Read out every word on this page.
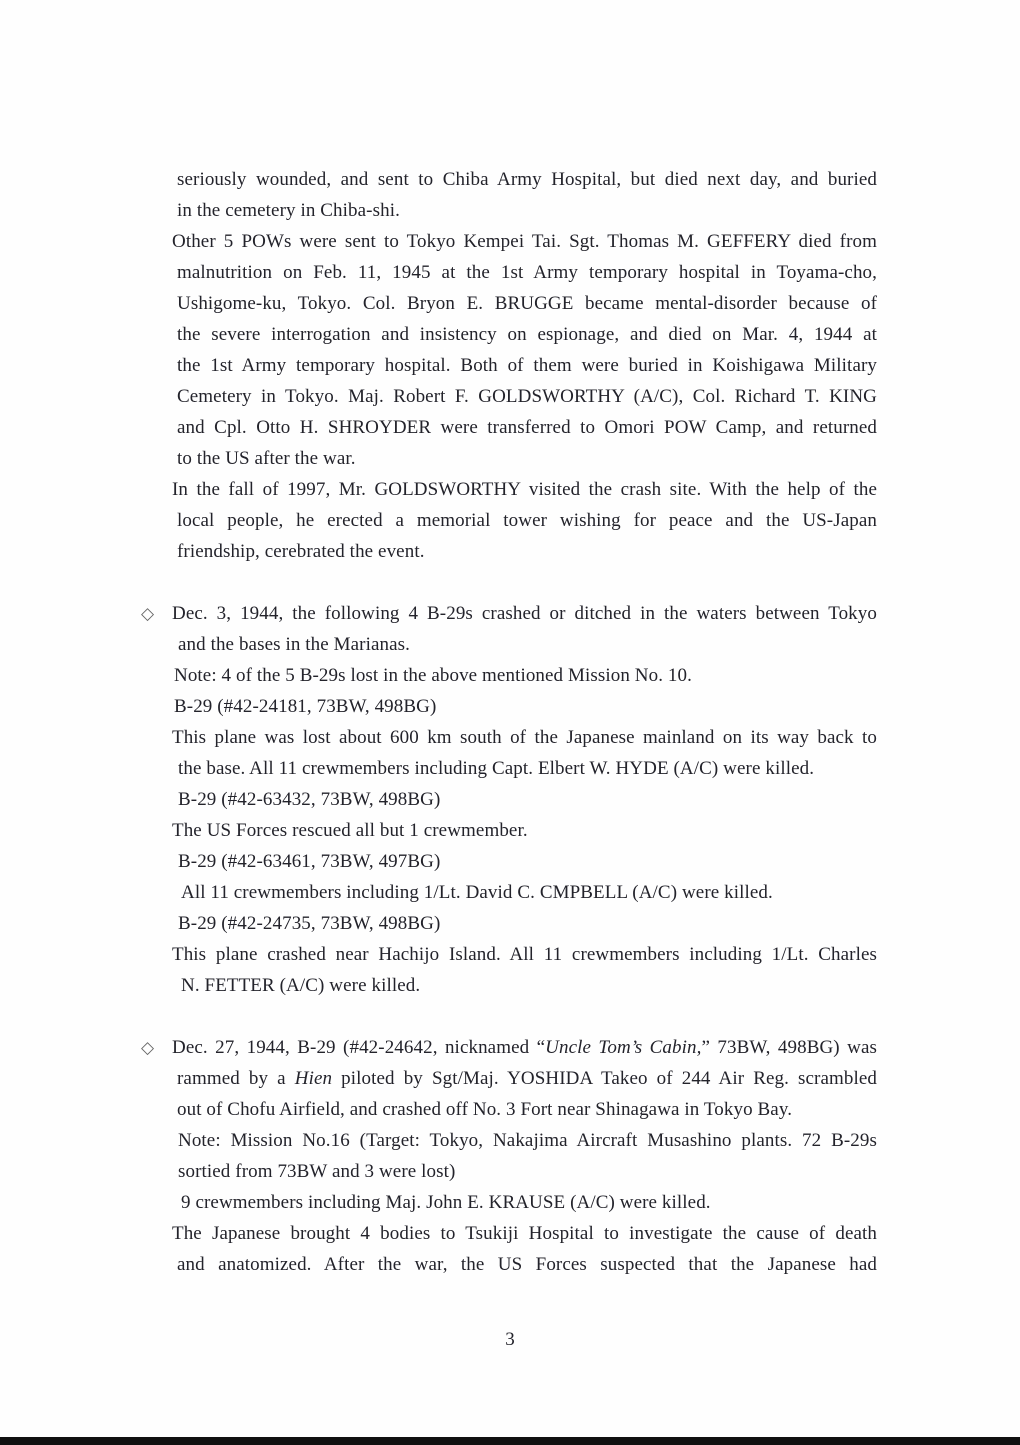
seriously wounded, and sent to Chiba Army Hospital, but died next day, and buried
in the cemetery in Chiba-shi.
Other 5 POWs were sent to Tokyo Kempei Tai. Sgt. Thomas M. GEFFERY died from
malnutrition on Feb. 11, 1945 at the 1st Army temporary hospital in Toyama-cho,
Ushigome-ku, Tokyo. Col. Bryon E. BRUGGE became mental-disorder because of
the severe interrogation and insistency on espionage, and died on Mar. 4, 1944 at
the 1st Army temporary hospital. Both of them were buried in Koishigawa Military
Cemetery in Tokyo. Maj. Robert F. GOLDSWORTHY (A/C), Col. Richard T. KING
and Cpl. Otto H. SHROYDER were transferred to Omori POW Camp, and returned
to the US after the war.
In the fall of 1997, Mr. GOLDSWORTHY visited the crash site. With the help of the
local people, he erected a memorial tower wishing for peace and the US-Japan
friendship, cerebrated the event.
◇ Dec. 3, 1944, the following 4 B-29s crashed or ditched in the waters between Tokyo
and the bases in the Marianas.
Note: 4 of the 5 B-29s lost in the above mentioned Mission No. 10.
B-29 (#42-24181, 73BW, 498BG)
This plane was lost about 600 km south of the Japanese mainland on its way back to
the base. All 11 crewmembers including Capt. Elbert W. HYDE (A/C) were killed.
B-29 (#42-63432, 73BW, 498BG)
The US Forces rescued all but 1 crewmember.
B-29 (#42-63461, 73BW, 497BG)
All 11 crewmembers including 1/Lt. David C. CMPBELL (A/C) were killed.
B-29 (#42-24735, 73BW, 498BG)
This plane crashed near Hachijo Island. All 11 crewmembers including 1/Lt. Charles
N. FETTER (A/C) were killed.
◇ Dec. 27, 1944, B-29 (#42-24642, nicknamed “Uncle Tom’s Cabin,” 73BW, 498BG) was
rammed by a Hien piloted by Sgt/Maj. YOSHIDA Takeo of 244 Air Reg. scrambled
out of Chofu Airfield, and crashed off No. 3 Fort near Shinagawa in Tokyo Bay.
Note: Mission No.16 (Target: Tokyo, Nakajima Aircraft Musashino plants. 72 B-29s
sortied from 73BW and 3 were lost)
9 crewmembers including Maj. John E. KRAUSE (A/C) were killed.
The Japanese brought 4 bodies to Tsukiji Hospital to investigate the cause of death
and anatomized. After the war, the US Forces suspected that the Japanese had
3
